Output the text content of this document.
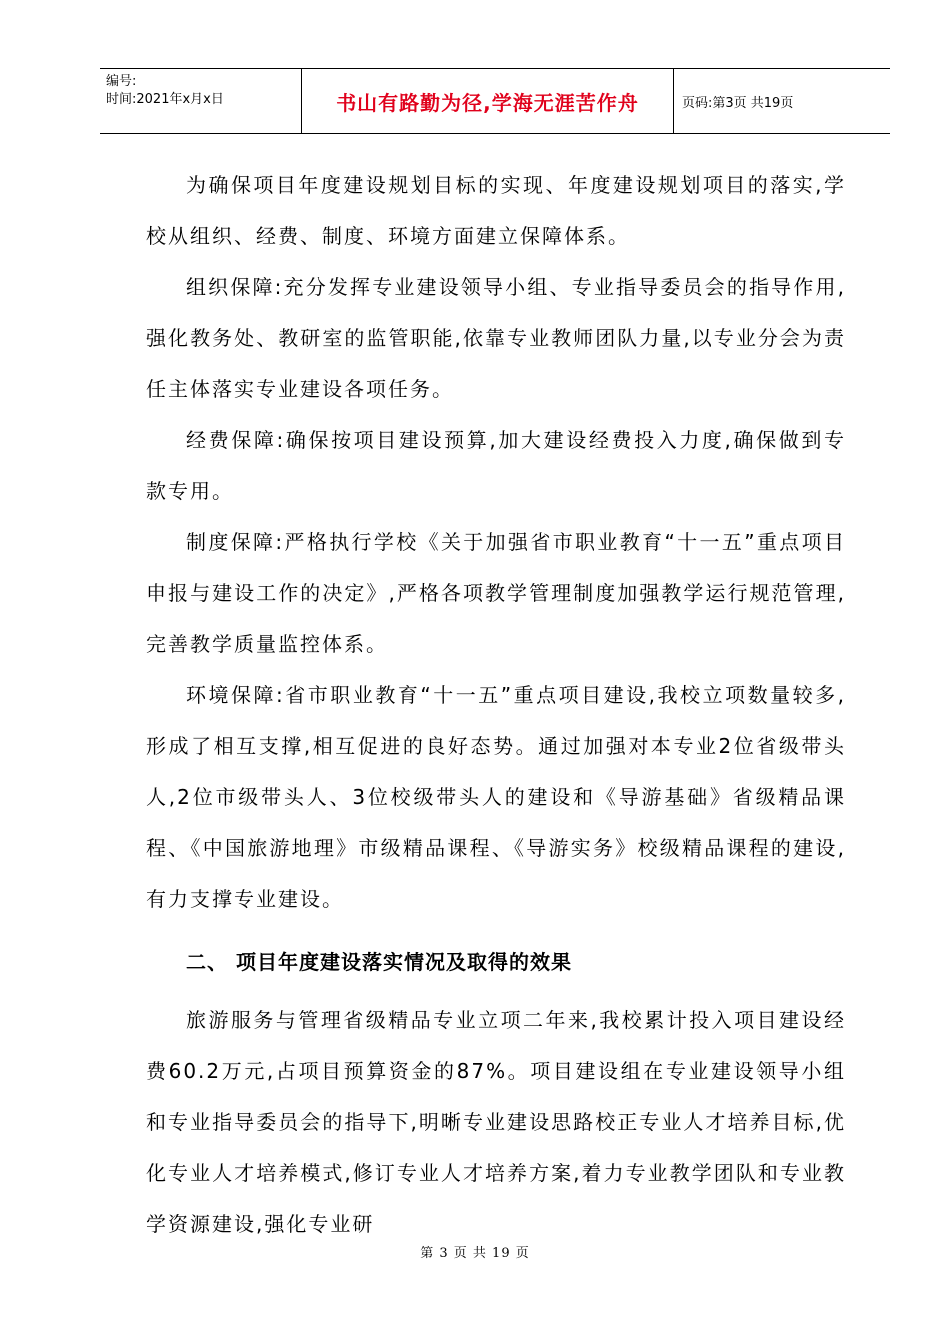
编号:
时间:2021年x月x日	书山有路勤为径,学海无涯苦作舟	页码:第3页 共19页

为确保项目年度建设规划目标的实现、年度建设规划项目的落实,学校从组织、经费、制度、环境方面建立保障体系。

组织保障:充分发挥专业建设领导小组、专业指导委员会的指导作用,强化教务处、教研室的监管职能,依靠专业教师团队力量,以专业分会为责任主体落实专业建设各项任务。

经费保障:确保按项目建设预算,加大建设经费投入力度,确保做到专款专用。

制度保障:严格执行学校《关于加强省市职业教育“十一五”重点项目申报与建设工作的决定》,严格各项教学管理制度加强教学运行规范管理,完善教学质量监控体系。

环境保障:省市职业教育“十一五”重点项目建设,我校立项数量较多,形成了相互支撑,相互促进的良好态势。通过加强对本专业2位省级带头人,2位市级带头人、3位校级带头人的建设和《导游基础》省级精品课程、《中国旅游地理》市级精品课程、《导游实务》校级精品课程的建设,有力支撑专业建设。

二、 项目年度建设落实情况及取得的效果

旅游服务与管理省级精品专业立项二年来,我校累计投入项目建设经费60.2万元,占项目预算资金的87%。项目建设组在专业建设领导小组和专业指导委员会的指导下,明晰专业建设思路校正专业人才培养目标,优化专业人才培养模式,修订专业人才培养方案,着力专业教学团队和专业教学资源建设,强化专业研

第 3 页 共 19 页
